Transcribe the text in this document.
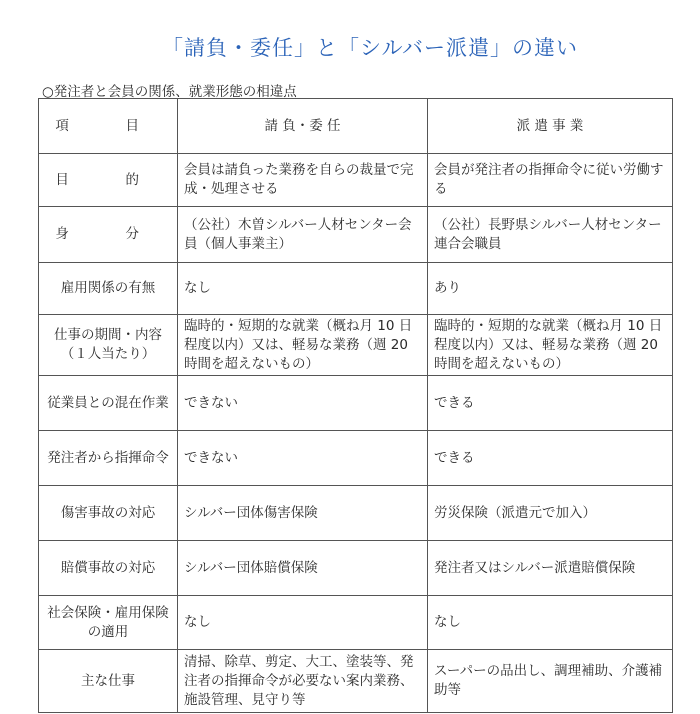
「請負・委任」と「シルバー派遣」の違い
○発注者と会員の関係、就業形態の相違点
項　目	請 負・委 任	派 遣 事 業
目　的	会員は請負った業務を自らの裁量で完成・処理させる	会員が発注者の指揮命令に従い労働する
身　分	（公社）木曽シルバー人材センター会員（個人事業主）	（公社）長野県シルバー人材センター連合会職員
雇用関係の有無	なし	あり
仕事の期間・内容（１人当たり）	臨時的・短期的な就業（概ね月 10 日程度以内）又は、軽易な業務（週 20 時間を超えないもの）	臨時的・短期的な就業（概ね月 10 日程度以内）又は、軽易な業務（週 20 時間を超えないもの）
従業員との混在作業	できない	できる
発注者から指揮命令	できない	できる
傷害事故の対応	シルバー団体傷害保険	労災保険（派遣元で加入）
賠償事故の対応	シルバー団体賠償保険	発注者又はシルバー派遣賠償保険
社会保険・雇用保険の適用	なし	なし
主な仕事	清掃、除草、剪定、大工、塗装等、発注者の指揮命令が必要ない案内業務、施設管理、見守り等	スーパーの品出し、調理補助、介護補助等
